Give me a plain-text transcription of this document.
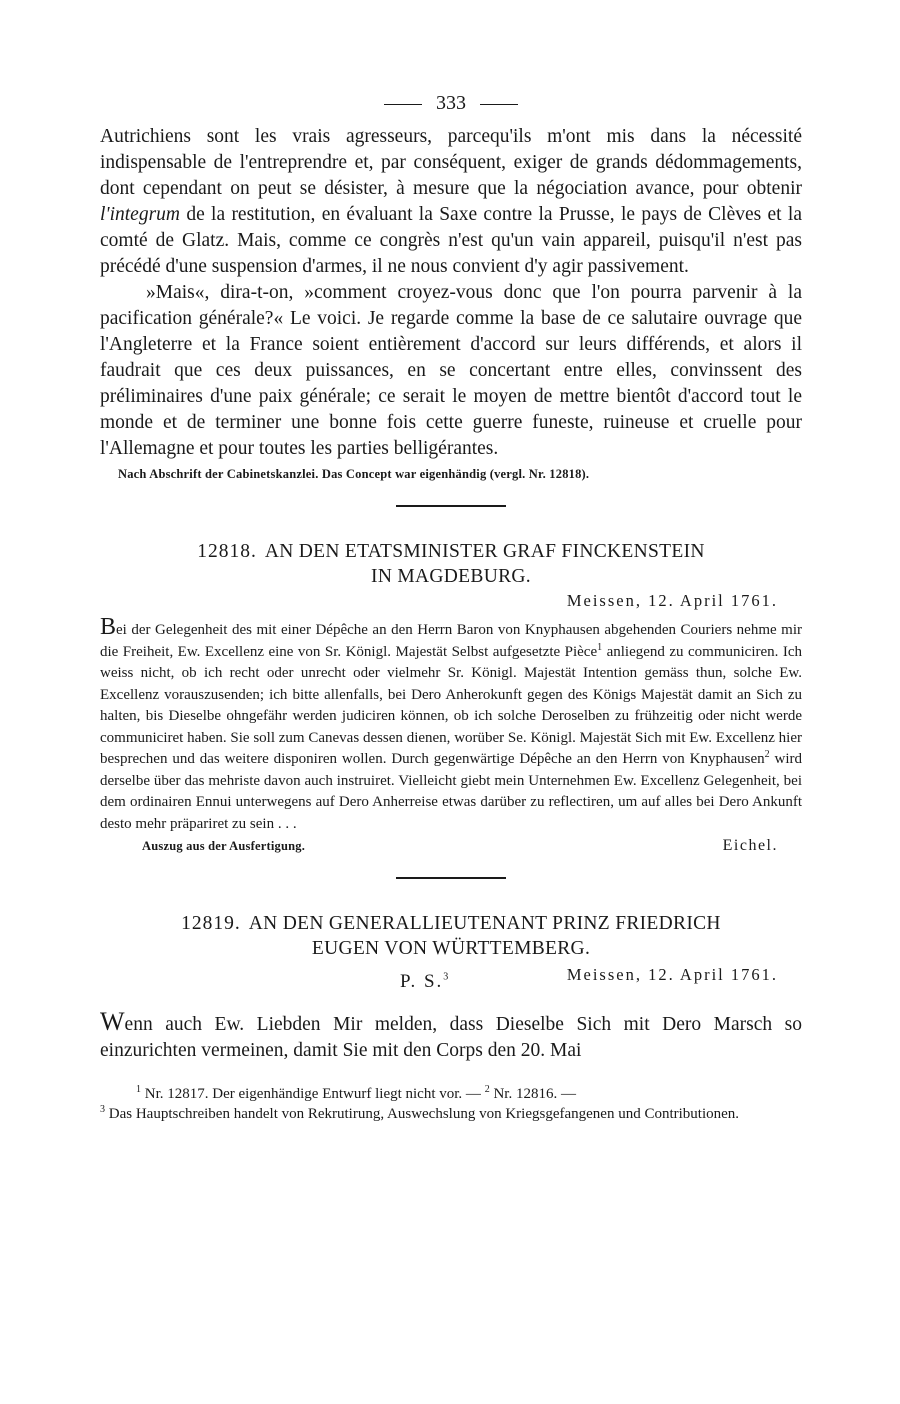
333

Autrichiens sont les vrais agresseurs, parcequ'ils m'ont mis dans la nécessité indispensable de l'entreprendre et, par conséquent, exiger de grands dédommagements, dont cependant on peut se désister, à mesure que la négociation avance, pour obtenir l'integrum de la restitution, en évaluant la Saxe contre la Prusse, le pays de Clèves et la comté de Glatz. Mais, comme ce congrès n'est qu'un vain appareil, puisqu'il n'est pas précédé d'une suspension d'armes, il ne nous convient d'y agir passivement.

»Mais«, dira-t-on, »comment croyez-vous donc que l'on pourra parvenir à la pacification générale?« Le voici. Je regarde comme la base de ce salutaire ouvrage que l'Angleterre et la France soient entièrement d'accord sur leurs différends, et alors il faudrait que ces deux puissances, en se concertant entre elles, convinssent des préliminaires d'une paix générale; ce serait le moyen de mettre bientôt d'accord tout le monde et de terminer une bonne fois cette guerre funeste, ruineuse et cruelle pour l'Allemagne et pour toutes les parties belligérantes.

Nach Abschrift der Cabinetskanzlei. Das Concept war eigenhändig (vergl. Nr. 12818).
12818. AN DEN ETATSMINISTER GRAF FINCKENSTEIN
IN MAGDEBURG.
Meissen, 12. April 1761.

Bei der Gelegenheit des mit einer Dépêche an den Herrn Baron von Knyphausen abgehenden Couriers nehme mir die Freiheit, Ew. Excellenz eine von Sr. Königl. Majestät Selbst aufgesetzte Pièce$^1$ anliegend zu communiciren. Ich weiss nicht, ob ich recht oder unrecht oder vielmehr Sr. Königl. Majestät Intention gemäss thun, solche Ew. Excellenz vorauszusenden; ich bitte allenfalls, bei Dero Anherokunft gegen des Königs Majestät damit an Sich zu halten, bis Dieselbe ohngefähr werden judiciren können, ob ich solche Deroselben zu frühzeitig oder nicht werde communiciret haben. Sie soll zum Canevas dessen dienen, worüber Se. Königl. Majestät Sich mit Ew. Excellenz hier besprechen und das weitere disponiren wollen. Durch gegenwärtige Dépêche an den Herrn von Knyphausen$^2$ wird derselbe über das mehriste davon auch instruiret. Vielleicht giebt mein Unternehmen Ew. Excellenz Gelegenheit, bei dem ordinairen Ennui unterwegens auf Dero Anherreise etwas darüber zu reflectiren, um auf alles bei Dero Ankunft desto mehr präpariret zu sein . . .

Auszug aus der Ausfertigung.	Eichel.
12819. AN DEN GENERALLIEUTENANT PRINZ FRIEDRICH
EUGEN VON WÜRTTEMBERG.
P. S.$^3$	Meissen, 12. April 1761.

Wenn auch Ew. Liebden Mir melden, dass Dieselbe Sich mit Dero Marsch so einzurichten vermeinen, damit Sie mit den Corps den 20. Mai

$^1$ Nr. 12817. Der eigenhändige Entwurf liegt nicht vor. — $^2$ Nr. 12816. —

$^3$ Das Hauptschreiben handelt von Rekrutirung, Auswechslung von Kriegsgefangenen und Contributionen.
